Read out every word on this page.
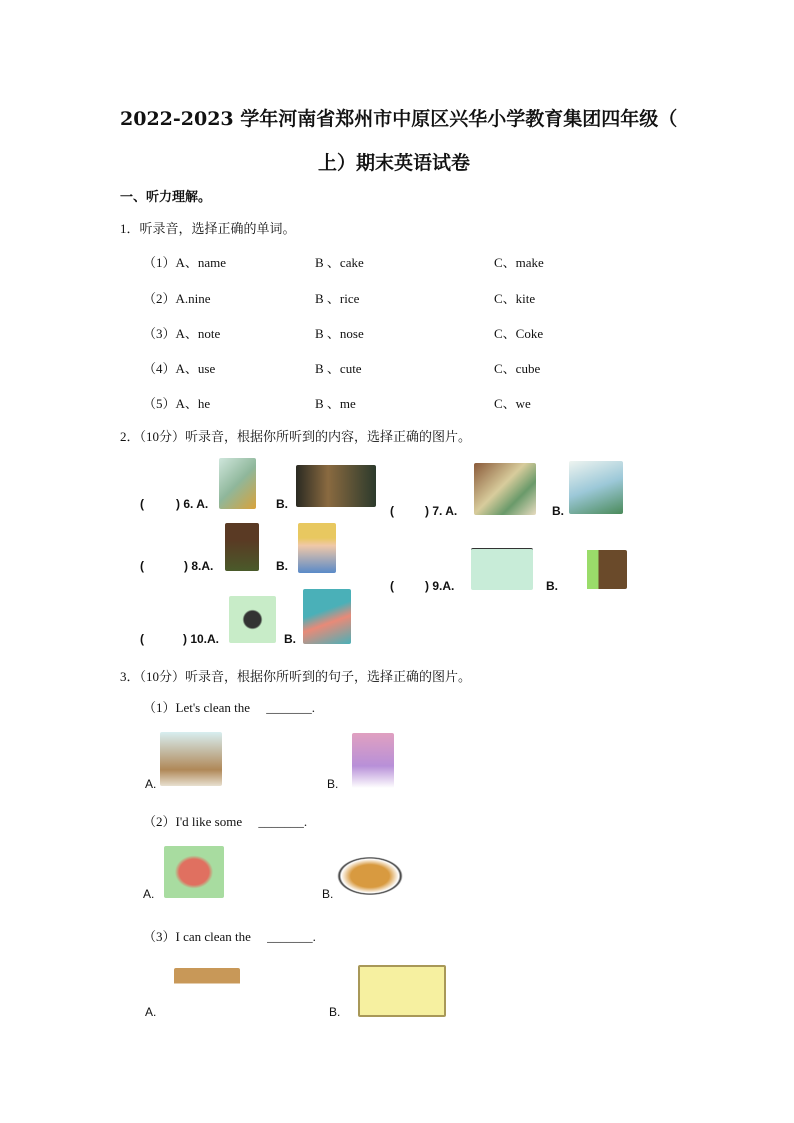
2022-2023 学年河南省郑州市中原区兴华小学教育集团四年级（
上）期末英语试卷
一、听力理解。
1．听录音，选择正确的单词。
（1）A、name	B 、cake	C、make
（2）A.nine	B 、rice	C、kite
（3）A、note	B 、nose	C、Coke
（4）A、use	B 、cute	C、cube
（5）A、he	B 、me	C、we
2．（10分）听录音，根据你所听到的内容，选择正确的图片。
(	) 6. A.	B.	(	) 7. A.	B.
(	) 8.A.	B.
(	) 9.A.	B.
(	) 10.A.	B.
3．（10分）听录音，根据你所听到的句子，选择正确的图片。
（1）Let's clean the　 _______.
A.	B.
（2）I'd like some　 _______.
A.	B.
（3）I can clean the　 _______.
A.	B.
